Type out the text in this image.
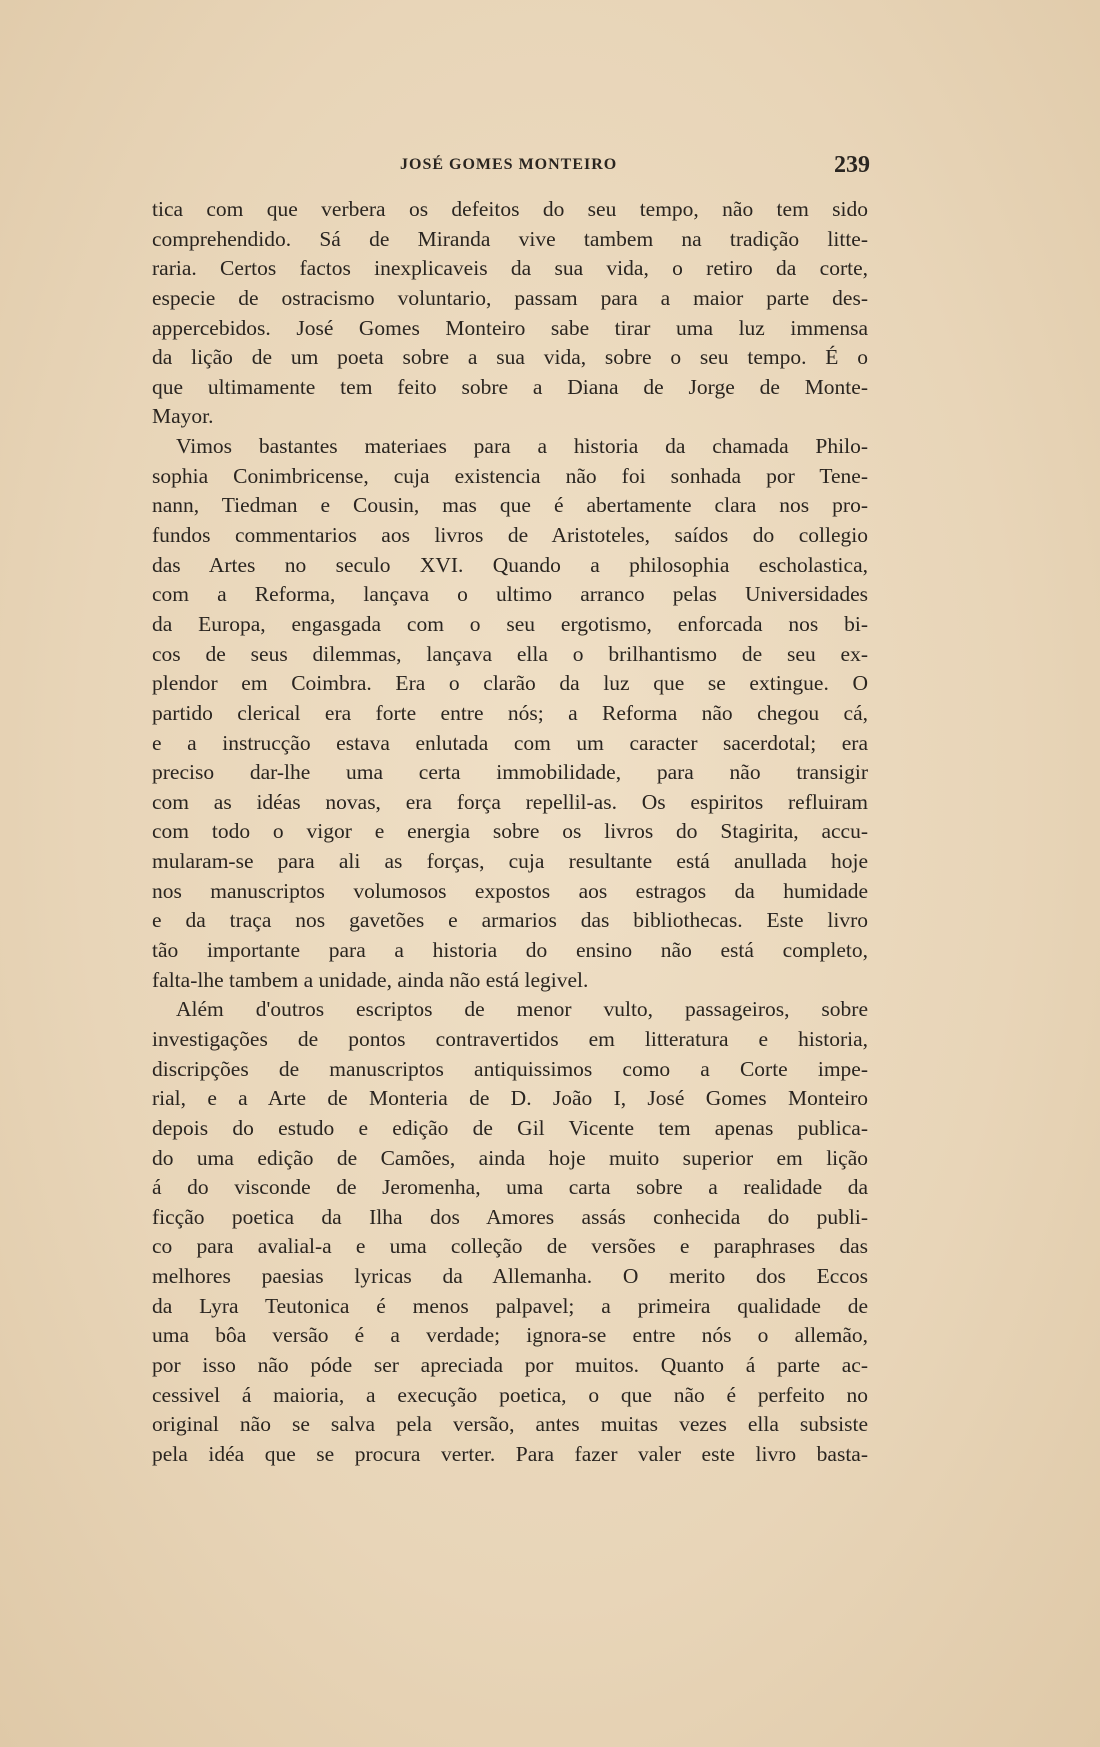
JOSÉ GOMES MONTEIRO	239
tica com que verbera os defeitos do seu tempo, não tem sido
comprehendido. Sá de Miranda vive tambem na tradição litte-
raria. Certos factos inexplicaveis da sua vida, o retiro da corte,
especie de ostracismo voluntario, passam para a maior parte des-
appercebidos. José Gomes Monteiro sabe tirar uma luz immensa
da lição de um poeta sobre a sua vida, sobre o seu tempo. É o
que ultimamente tem feito sobre a Diana de Jorge de Monte-
Mayor.
Vimos bastantes materiaes para a historia da chamada Philo-
sophia Conimbricense, cuja existencia não foi sonhada por Tene-
nann, Tiedman e Cousin, mas que é abertamente clara nos pro-
fundos commentarios aos livros de Aristoteles, saídos do collegio
das Artes no seculo XVI. Quando a philosophia escholastica,
com a Reforma, lançava o ultimo arranco pelas Universidades
da Europa, engasgada com o seu ergotismo, enforcada nos bi-
cos de seus dilemmas, lançava ella o brilhantismo de seu ex-
plendor em Coimbra. Era o clarão da luz que se extingue. O
partido clerical era forte entre nós; a Reforma não chegou cá,
e a instrucção estava enlutada com um caracter sacerdotal; era
preciso dar-lhe uma certa immobilidade, para não transigir
com as idéas novas, era força repellil-as. Os espiritos refluiram
com todo o vigor e energia sobre os livros do Stagirita, accu-
mularam-se para ali as forças, cuja resultante está anullada hoje
nos manuscriptos volumosos expostos aos estragos da humidade
e da traça nos gavetões e armarios das bibliothecas. Este livro
tão importante para a historia do ensino não está completo,
falta-lhe tambem a unidade, ainda não está legivel.
Além d'outros escriptos de menor vulto, passageiros, sobre
investigações de pontos contravertidos em litteratura e historia,
discripções de manuscriptos antiquissimos como a Corte impe-
rial, e a Arte de Monteria de D. João I, José Gomes Monteiro
depois do estudo e edição de Gil Vicente tem apenas publica-
do uma edição de Camões, ainda hoje muito superior em lição
á do visconde de Jeromenha, uma carta sobre a realidade da
ficção poetica da Ilha dos Amores assás conhecida do publi-
co para avalial-a e uma colleção de versões e paraphrases das
melhores paesias lyricas da Allemanha. O merito dos Eccos
da Lyra Teutonica é menos palpavel; a primeira qualidade de
uma bôa versão é a verdade; ignora-se entre nós o allemão,
por isso não póde ser apreciada por muitos. Quanto á parte ac-
cessivel á maioria, a execução poetica, o que não é perfeito no
original não se salva pela versão, antes muitas vezes ella subsiste
pela idéa que se procura verter. Para fazer valer este livro basta-
